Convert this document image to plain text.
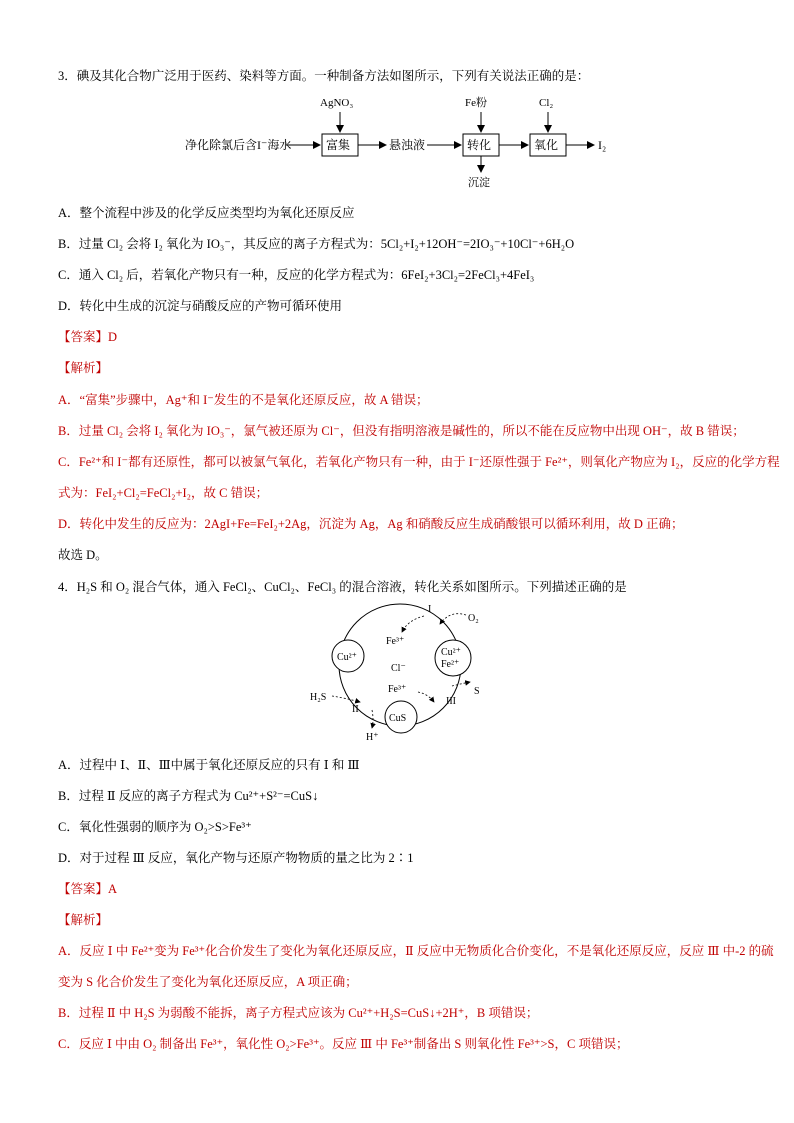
3．碘及其化合物广泛用于医药、染料等方面。一种制备方法如图所示，下列有关说法正确的是：
净化除氯后含I⁻海水	富集
AgNO₃
悬浊液	转化
Fe粉
沉淀
氧化
Cl₂
I₂
A．整个流程中涉及的化学反应类型均为氧化还原反应
B．过量 Cl₂ 会将 I₂ 氧化为 IO₃⁻，其反应的离子方程式为：5Cl₂+I₂+12OH⁻=2IO₃⁻+10Cl⁻+6H₂O
C．通入 Cl₂ 后，若氧化产物只有一种，反应的化学方程式为：6FeI₂+3Cl₂=2FeCl₃+4FeI₃
D．转化中生成的沉淀与硝酸反应的产物可循环使用
【答案】D
【解析】
A．“富集”步骤中，Ag⁺和 I⁻发生的不是氧化还原反应，故 A 错误；
B．过量 Cl₂ 会将 I₂ 氧化为 IO₃⁻，氯气被还原为 Cl⁻，但没有指明溶液是碱性的，所以不能在反应物中出现 OH⁻，故 B 错误；
C．Fe²⁺和 I⁻都有还原性，都可以被氯气氧化，若氧化产物只有一种，由于 I⁻还原性强于 Fe²⁺，则氧化产物应为 I₂，反应的化学方程
式为：FeI₂+Cl₂=FeCl₂+I₂，故 C 错误；
D．转化中发生的反应为：2AgI+Fe=FeI₂+2Ag，沉淀为 Ag，Ag 和硝酸反应生成硝酸银可以循环利用，故 D 正确；
故选 D。
4．H₂S 和 O₂ 混合气体，通入 FeCl₂、CuCl₂、FeCl₃ 的混合溶液，转化关系如图所示。下列描述正确的是
Cu²⁺	Cu²⁺
Fe²⁺
CuS
Fe³⁺
Cl⁻
Fe³⁺
I
O₂
H₂S
II
H⁺
S
III
A．过程中 Ⅰ、Ⅱ、Ⅲ中属于氧化还原反应的只有 Ⅰ 和 Ⅲ
B．过程 Ⅱ 反应的离子方程式为 Cu²⁺+S²⁻=CuS↓
C．氧化性强弱的顺序为 O₂>S>Fe³⁺
D．对于过程 Ⅲ 反应，氧化产物与还原产物物质的量之比为 2∶1
【答案】A
【解析】
A．反应 Ⅰ 中 Fe²⁺变为 Fe³⁺化合价发生了变化为氧化还原反应，Ⅱ 反应中无物质化合价变化，不是氧化还原反应，反应 Ⅲ 中-2 的硫
变为 S 化合价发生了变化为氧化还原反应，A 项正确；
B．过程 Ⅱ 中 H₂S 为弱酸不能拆，离子方程式应该为 Cu²⁺+H₂S=CuS↓+2H⁺，B 项错误；
C．反应 Ⅰ 中由 O₂ 制备出 Fe³⁺，氧化性 O₂>Fe³⁺。反应 Ⅲ 中 Fe³⁺制备出 S 则氧化性 Fe³⁺>S，C 项错误；
